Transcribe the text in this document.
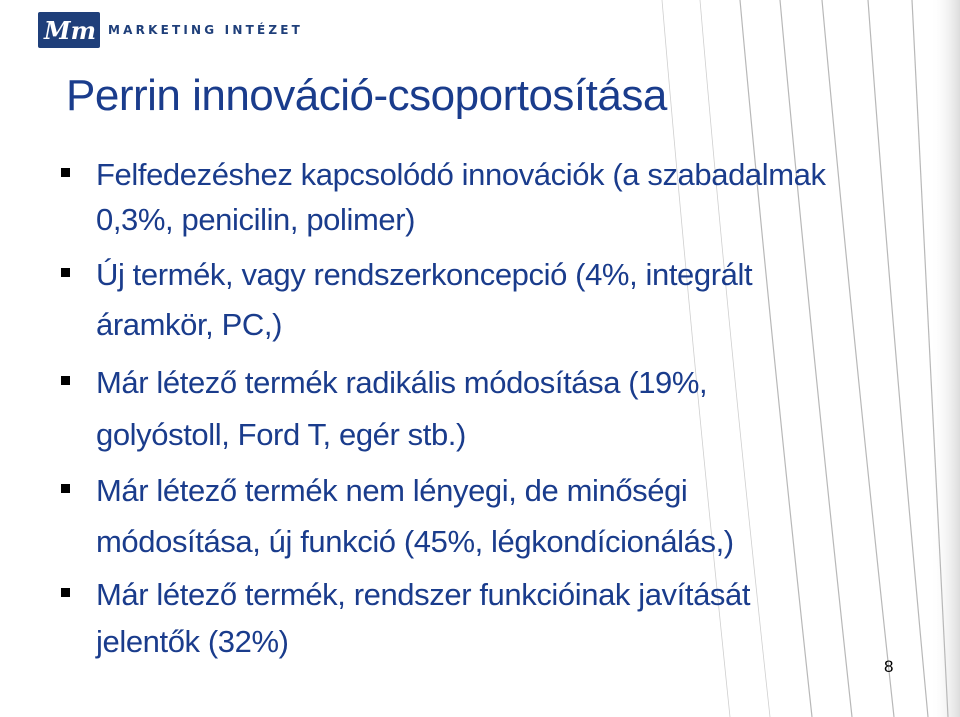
Mm MARKETING INTÉZET
Perrin innováció-csoportosítása
Felfedezéshez kapcsolódó innovációk (a szabadalmak
0,3%, penicilin, polimer)
Új termék, vagy rendszerkoncepció (4%, integrált
áramkör, PC,)
Már létező termék radikális módosítása (19%,
golyóstoll, Ford T, egér stb.)
Már létező termék nem lényegi, de minőségi
módosítása, új funkció (45%, légkondícionálás,)
Már létező termék, rendszer funkcióinak javítását
jelentők (32%)
8
